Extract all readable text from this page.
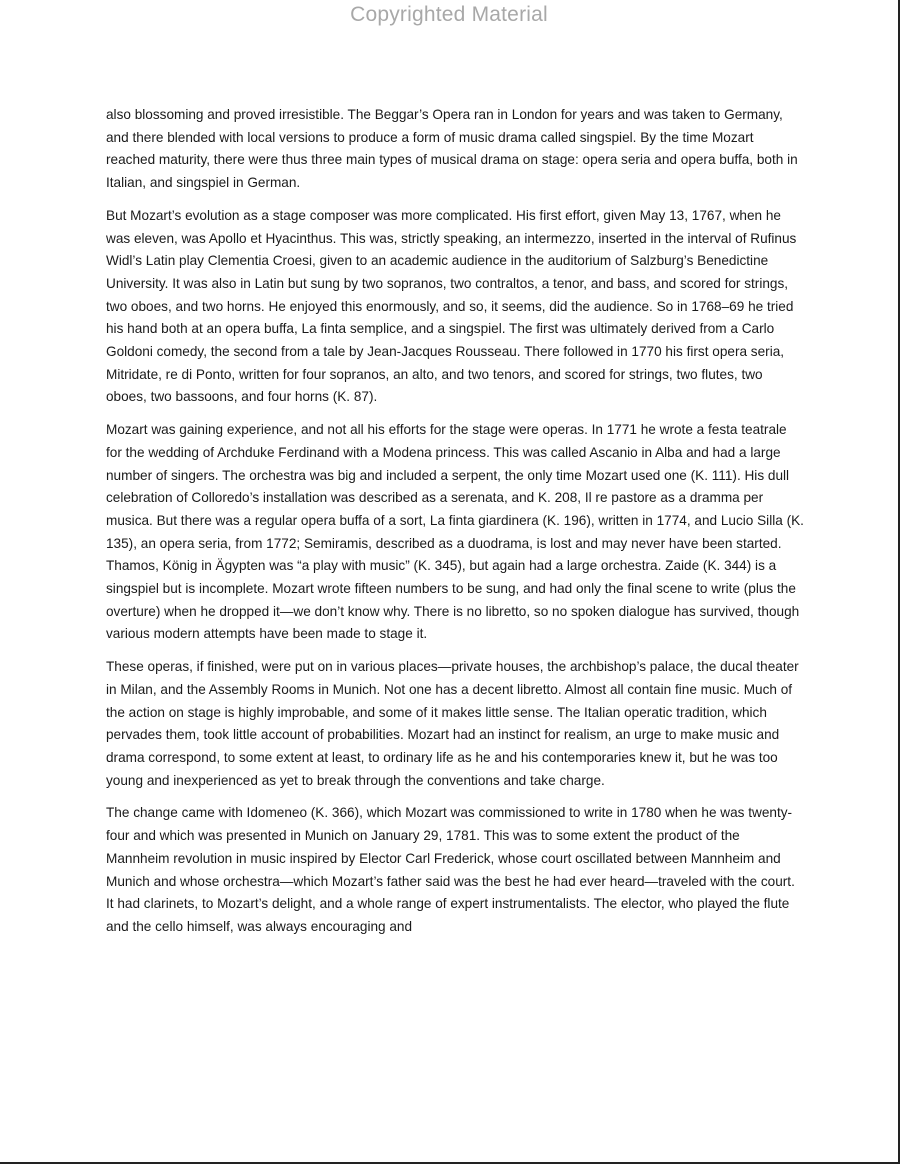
Copyrighted Material

also blossoming and proved irresistible. The Beggar’s Opera ran in London for years and was taken to Germany, and there blended with local versions to produce a form of music drama called singspiel. By the time Mozart reached maturity, there were thus three main types of musical drama on stage: opera seria and opera buffa, both in Italian, and singspiel in German.

But Mozart’s evolution as a stage composer was more complicated. His first effort, given May 13, 1767, when he was eleven, was Apollo et Hyacinthus. This was, strictly speaking, an intermezzo, inserted in the interval of Rufinus Widl’s Latin play Clementia Croesi, given to an academic audience in the auditorium of Salzburg’s Benedictine University. It was also in Latin but sung by two sopranos, two contraltos, a tenor, and bass, and scored for strings, two oboes, and two horns. He enjoyed this enormously, and so, it seems, did the audience. So in 1768–69 he tried his hand both at an opera buffa, La finta semplice, and a singspiel. The first was ultimately derived from a Carlo Goldoni comedy, the second from a tale by Jean-Jacques Rousseau. There followed in 1770 his first opera seria, Mitridate, re di Ponto, written for four sopranos, an alto, and two tenors, and scored for strings, two flutes, two oboes, two bassoons, and four horns (K. 87).

Mozart was gaining experience, and not all his efforts for the stage were operas. In 1771 he wrote a festa teatrale for the wedding of Archduke Ferdinand with a Modena princess. This was called Ascanio in Alba and had a large number of singers. The orchestra was big and included a serpent, the only time Mozart used one (K. 111). His dull celebration of Colloredo’s installation was described as a serenata, and K. 208, Il re pastore as a dramma per musica. But there was a regular opera buffa of a sort, La finta giardinera (K. 196), written in 1774, and Lucio Silla (K. 135), an opera seria, from 1772; Semiramis, described as a duodrama, is lost and may never have been started. Thamos, König in Ägypten was “a play with music” (K. 345), but again had a large orchestra. Zaide (K. 344) is a singspiel but is incomplete. Mozart wrote fifteen numbers to be sung, and had only the final scene to write (plus the overture) when he dropped it—we don’t know why. There is no libretto, so no spoken dialogue has survived, though various modern attempts have been made to stage it.

These operas, if finished, were put on in various places—private houses, the archbishop’s palace, the ducal theater in Milan, and the Assembly Rooms in Munich. Not one has a decent libretto. Almost all contain fine music. Much of the action on stage is highly improbable, and some of it makes little sense. The Italian operatic tradition, which pervades them, took little account of probabilities. Mozart had an instinct for realism, an urge to make music and drama correspond, to some extent at least, to ordinary life as he and his contemporaries knew it, but he was too young and inexperienced as yet to break through the conventions and take charge.

The change came with Idomeneo (K. 366), which Mozart was commissioned to write in 1780 when he was twenty-four and which was presented in Munich on January 29, 1781. This was to some extent the product of the Mannheim revolution in music inspired by Elector Carl Frederick, whose court oscillated between Mannheim and Munich and whose orchestra—which Mozart’s father said was the best he had ever heard—traveled with the court. It had clarinets, to Mozart’s delight, and a whole range of expert instrumentalists. The elector, who played the flute and the cello himself, was always encouraging and
